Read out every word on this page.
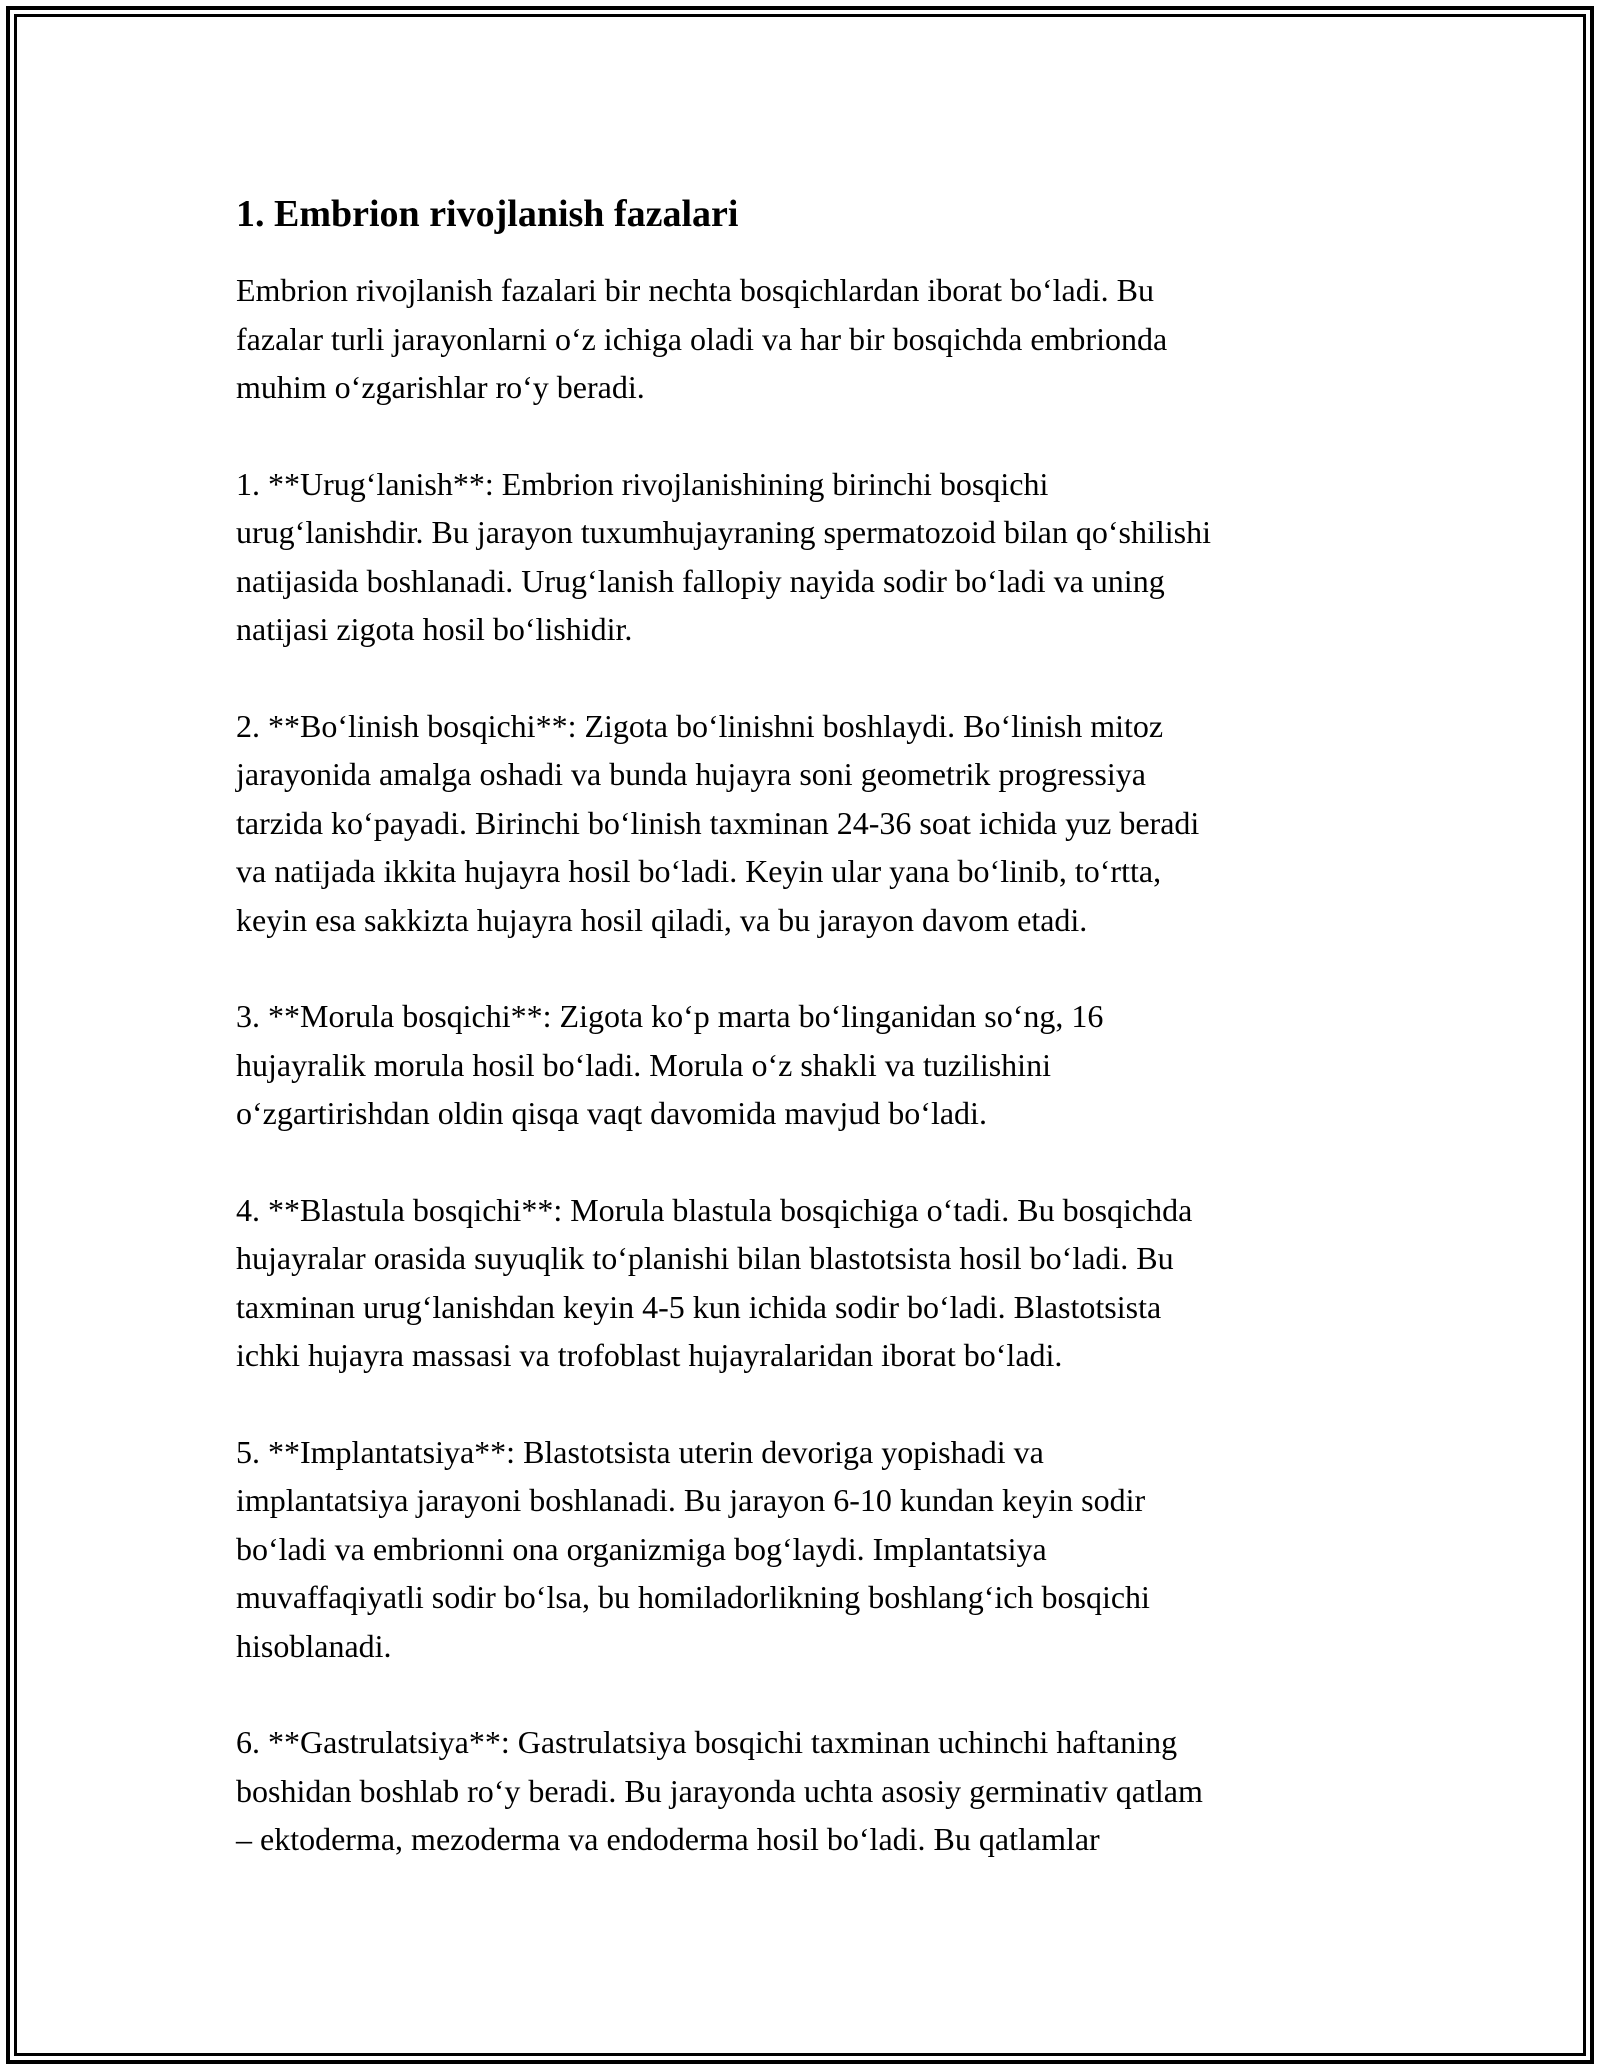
1. Embrion rivojlanish fazalari

Embrion rivojlanish fazalari bir nechta bosqichlardan iborat bo‘ladi. Bu
fazalar turli jarayonlarni o‘z ichiga oladi va har bir bosqichda embrionda
muhim o‘zgarishlar ro‘y beradi.

1. **Urug‘lanish**: Embrion rivojlanishining birinchi bosqichi
urug‘lanishdir. Bu jarayon tuxumhujayraning spermatozoid bilan qo‘shilishi
natijasida boshlanadi. Urug‘lanish fallopiy nayida sodir bo‘ladi va uning
natijasi zigota hosil bo‘lishidir.

2. **Bo‘linish bosqichi**: Zigota bo‘linishni boshlaydi. Bo‘linish mitoz
jarayonida amalga oshadi va bunda hujayra soni geometrik progressiya
tarzida ko‘payadi. Birinchi bo‘linish taxminan 24-36 soat ichida yuz beradi
va natijada ikkita hujayra hosil bo‘ladi. Keyin ular yana bo‘linib, to‘rtta,
keyin esa sakkizta hujayra hosil qiladi, va bu jarayon davom etadi.

3. **Morula bosqichi**: Zigota ko‘p marta bo‘linganidan so‘ng, 16
hujayralik morula hosil bo‘ladi. Morula o‘z shakli va tuzilishini
o‘zgartirishdan oldin qisqa vaqt davomida mavjud bo‘ladi.

4. **Blastula bosqichi**: Morula blastula bosqichiga o‘tadi. Bu bosqichda
hujayralar orasida suyuqlik to‘planishi bilan blastotsista hosil bo‘ladi. Bu
taxminan urug‘lanishdan keyin 4-5 kun ichida sodir bo‘ladi. Blastotsista
ichki hujayra massasi va trofoblast hujayralaridan iborat bo‘ladi.

5. **Implantatsiya**: Blastotsista uterin devoriga yopishadi va
implantatsiya jarayoni boshlanadi. Bu jarayon 6-10 kundan keyin sodir
bo‘ladi va embrionni ona organizmiga bog‘laydi. Implantatsiya
muvaffaqiyatli sodir bo‘lsa, bu homiladorlikning boshlang‘ich bosqichi
hisoblanadi.

6. **Gastrulatsiya**: Gastrulatsiya bosqichi taxminan uchinchi haftaning
boshidan boshlab ro‘y beradi. Bu jarayonda uchta asosiy germinativ qatlam
– ektoderma, mezoderma va endoderma hosil bo‘ladi. Bu qatlamlar
